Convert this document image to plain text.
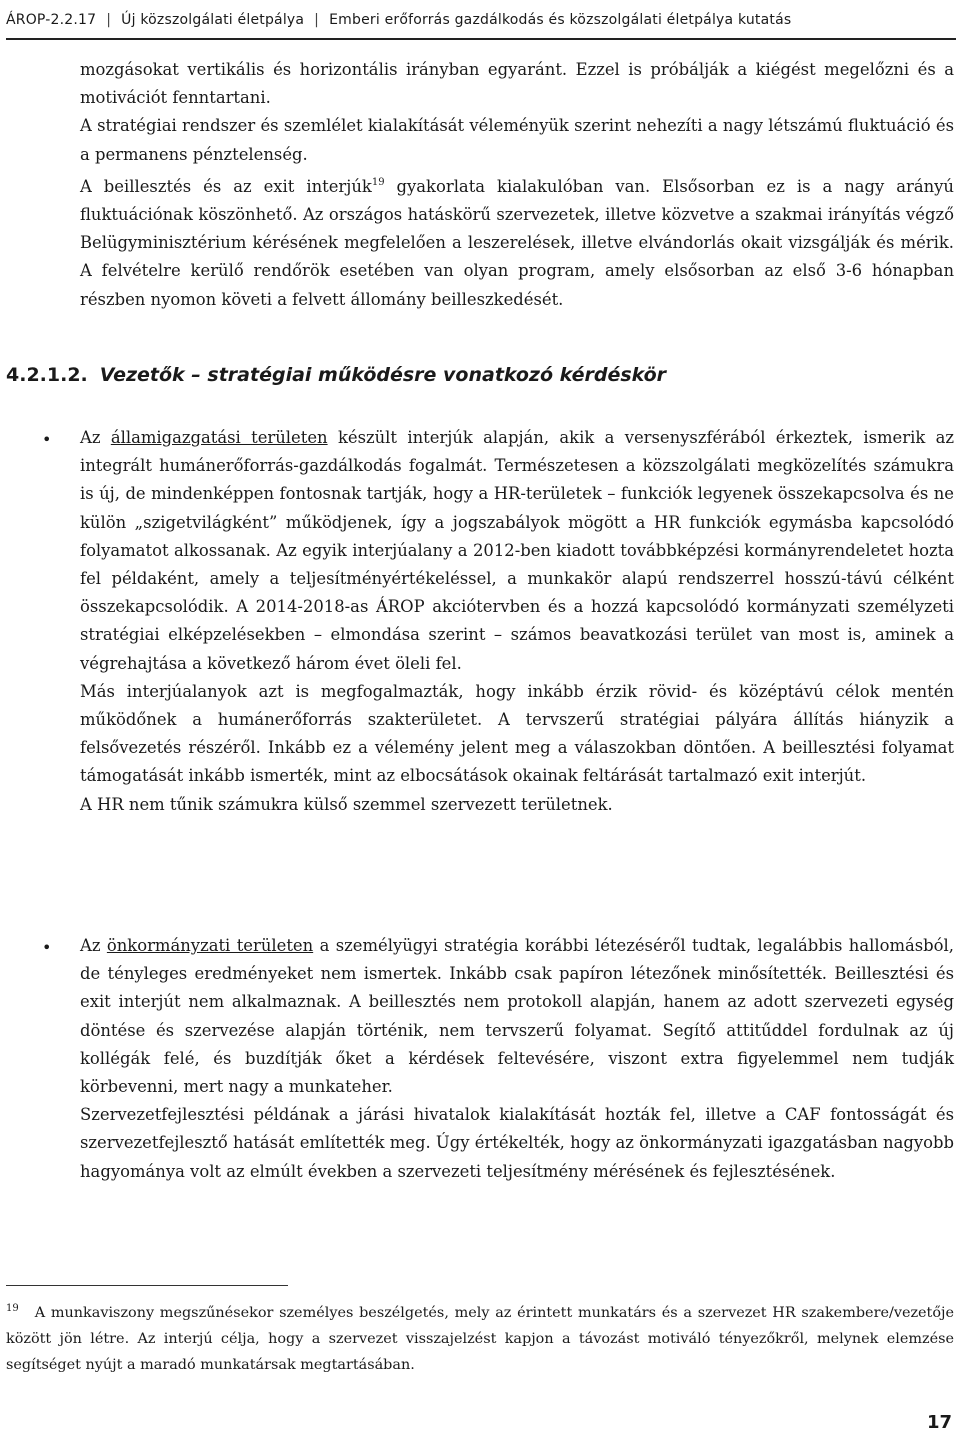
ÁROP-2.2.17 | Új közszolgálati életpálya | Emberi erőforrás gazdálkodás és közszolgálati életpálya kutatás
mozgásokat vertikális és horizontális irányban egyaránt. Ezzel is próbálják a kiégést megelőzni és a motivációt fenntartani.
A stratégiai rendszer és szemlélet kialakítását véleményük szerint nehezíti a nagy létszámú fluktuáció és a permanens pénztelenség.
A beillesztés és az exit interjúk$^{19}$ gyakorlata kialakulóban van. Elsősorban ez is a nagy arányú fluktuációnak köszönhető. Az országos hatáskörű szervezetek, illetve közvetve a szakmai irányítás végző Belügyminisztérium kérésének megfelelően a leszerelések, illetve elvándorlás okait vizsgálják és mérik. A felvételre kerülő rendőrök esetében van olyan program, amely elsősorban az első 3-6 hónapban részben nyomon követi a felvett állomány beilleszkedését.
4.2.1.2. Vezetők – stratégiai működésre vonatkozó kérdéskör
• Az államigazgatási területen készült interjúk alapján, akik a versenyszférából érkeztek, ismerik az integrált humánerőforrás-gazdálkodás fogalmát. Természetesen a közszolgálati megközelítés számukra is új, de mindenképpen fontosnak tartják, hogy a HR-területek – funkciók legyenek összekapcsolva és ne külön „szigetvilágként” működjenek, így a jogszabályok mögött a HR funkciók egymásba kapcsolódó folyamatot alkossanak. Az egyik interjúalany a 2012-ben kiadott továbbképzési kormányrendeletet hozta fel példaként, amely a teljesítményértékeléssel, a munkakör alapú rendszerrel hosszú-távú célként összekapcsolódik. A 2014-2018-as ÁROP akciótervben és a hozzá kapcsolódó kormányzati személyzeti stratégiai elképzelésekben – elmondása szerint – számos beavatkozási terület van most is, aminek a végrehajtása a következő három évet öleli fel.

Más interjúalanyok azt is megfogalmazták, hogy inkább érzik rövid- és középtávú célok mentén működőnek a humánerőforrás szakterületet. A tervszerű stratégiai pályára állítás hiányzik a felsővezetés részéről. Inkább ez a vélemény jelent meg a válaszokban döntően. A beillesztési folyamat támogatását inkább ismerték, mint az elbocsátások okainak feltárását tartalmazó exit interjút.

A HR nem tűnik számukra külső szemmel szervezett területnek.

• Az önkormányzati területen a személyügyi stratégia korábbi létezéséről tudtak, legalábbis hallomásból, de tényleges eredményeket nem ismertek. Inkább csak papíron létezőnek minősítették. Beillesztési és exit interjút nem alkalmaznak. A beillesztés nem protokoll alapján, hanem az adott szervezeti egység döntése és szervezése alapján történik, nem tervszerű folyamat. Segítő attitűddel fordulnak az új kollégák felé, és buzdítják őket a kérdések feltevésére, viszont extra figyelemmel nem tudják körbevenni, mert nagy a munkateher.

Szervezetfejlesztési példának a járási hivatalok kialakítását hozták fel, illetve a CAF fontosságát és szervezetfejlesztő hatását említették meg. Úgy értékelték, hogy az önkormányzati igazgatásban nagyobb hagyománya volt az elmúlt években a szervezeti teljesítmény mérésének és fejlesztésének.

$^{19}$ A munkaviszony megszűnésekor személyes beszélgetés, mely az érintett munkatárs és a szervezet HR szakembere/vezetője között jön létre. Az interjú célja, hogy a szervezet visszajelzést kapjon a távozást motiváló tényezőkről, melynek elemzése segítséget nyújt a maradó munkatársak megtartásában.

17
